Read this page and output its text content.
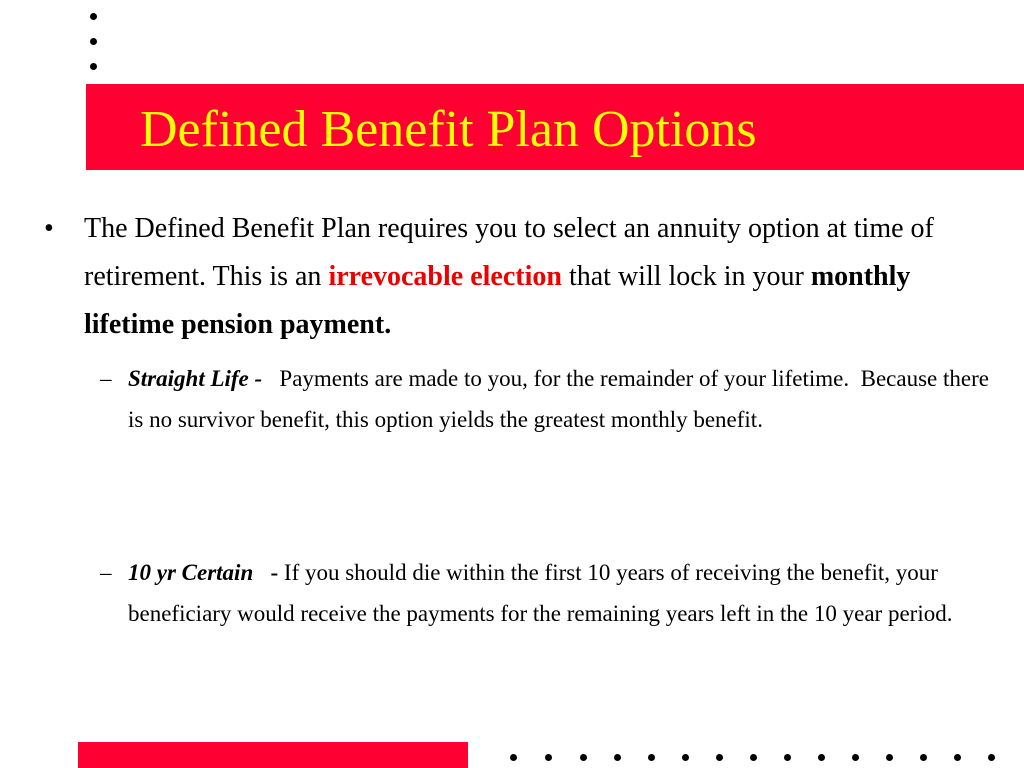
Defined Benefit Plan Options
• The Defined Benefit Plan requires you to select an annuity option at time of retirement. This is an irrevocable election that will lock in your monthly lifetime pension payment.
– Straight Life -   Payments are made to you, for the remainder of your lifetime.  Because there is no survivor benefit, this option yields the greatest monthly benefit.
– 10 yr Certain   - If you should die within the first 10 years of receiving the benefit, your beneficiary would receive the payments for the remaining years left in the 10 year period.
